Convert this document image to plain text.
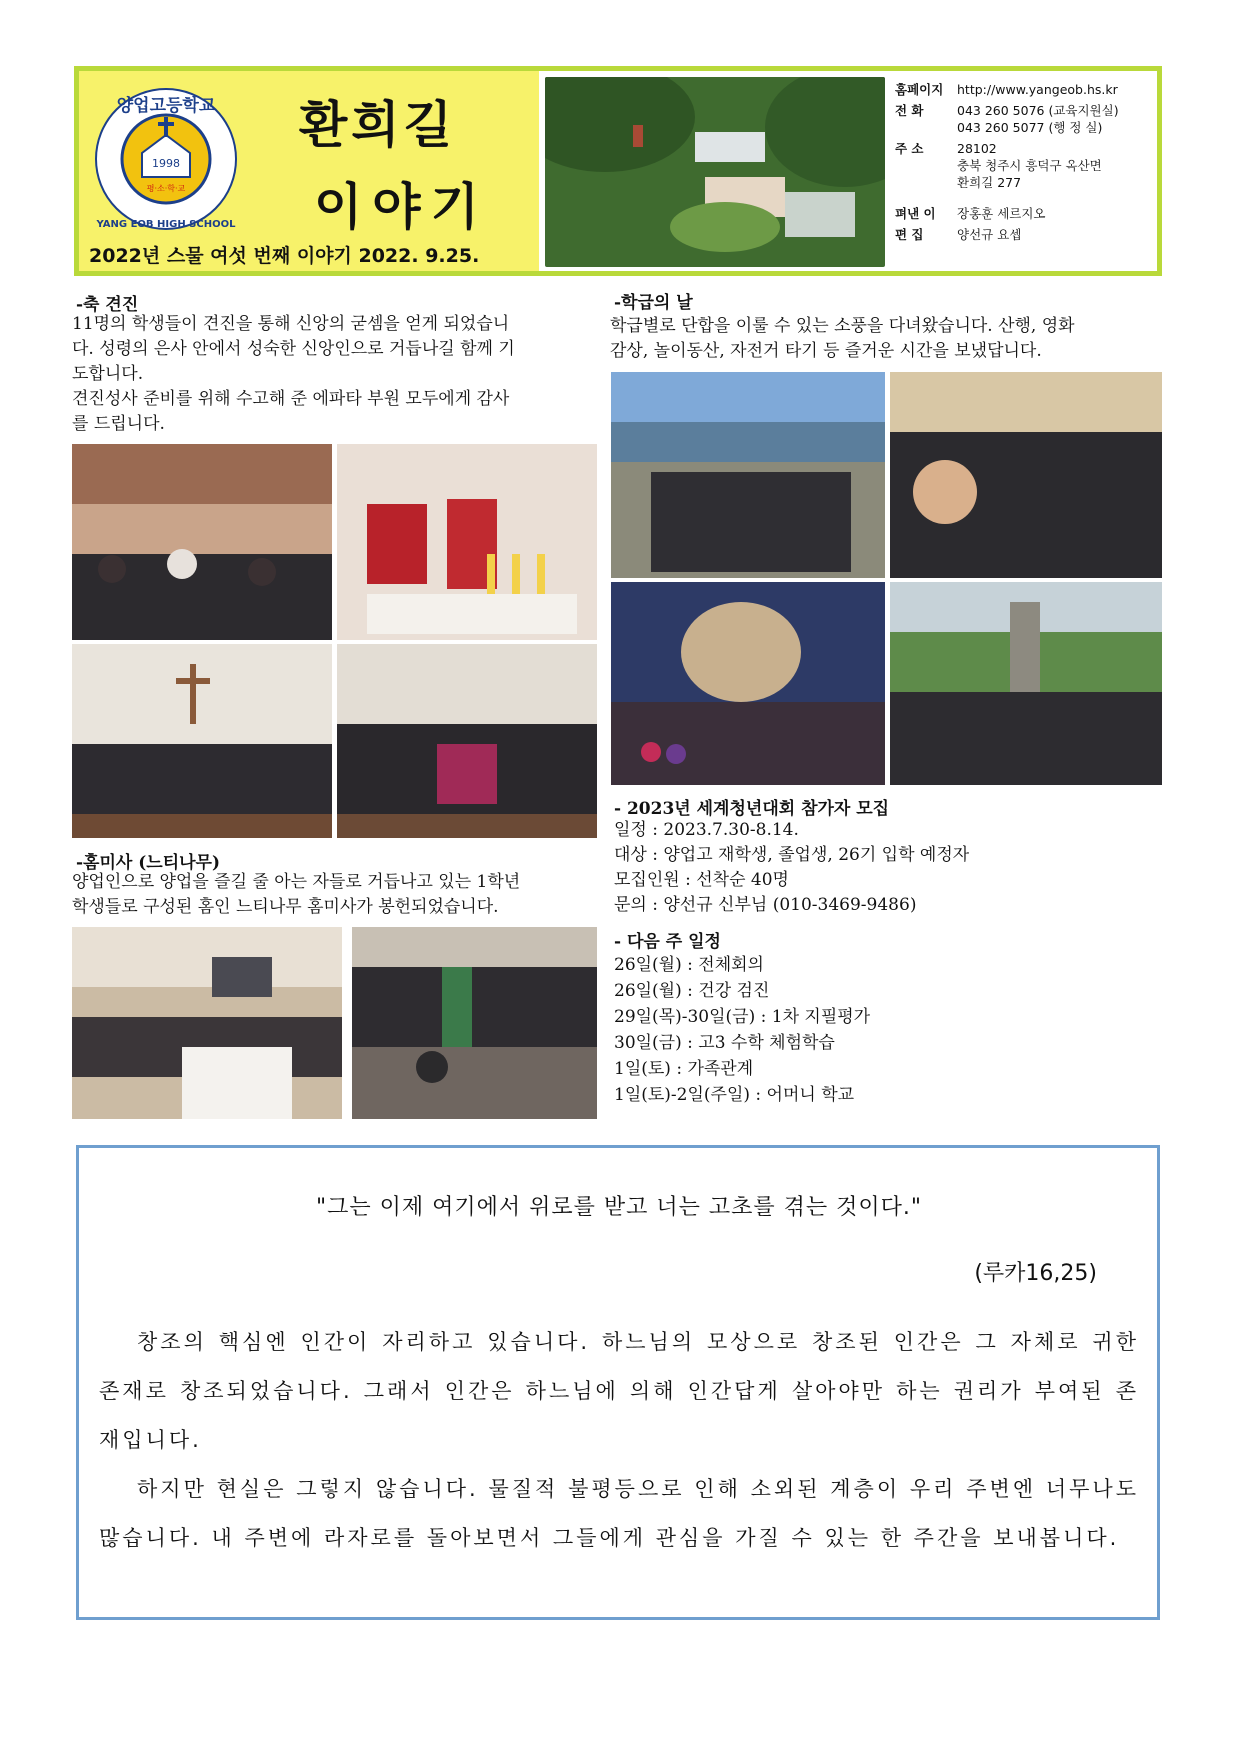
1998
평·소·학·교
양업고등학교
YANG EOB HIGH SCHOOL
환희길
이야기
2022년 스물 여섯 번째 이야기 2022. 9.25.
홈페이지	http://www.yangeob.hs.kr
전 화	043 260 5076 (교육지원실)
043 260 5077 (행 정 실)
주 소	28102
충북 청주시 흥덕구 옥산면
환희길 277
펴낸 이	장홍훈 세르지오
편 집	양선규 요셉
-축 견진
11명의 학생들이 견진을 통해 신앙의 굳셈을 얻게 되었습니
다. 성령의 은사 안에서 성숙한 신앙인으로 거듭나길 함께 기
도합니다.
견진성사 준비를 위해 수고해 준 에파타 부원 모두에게 감사
를 드립니다.
-홈미사 (느티나무)
양업인으로 양업을 즐길 줄 아는 자들로 거듭나고 있는 1학년
학생들로 구성된 홈인 느티나무 홈미사가 봉헌되었습니다.
-학급의 날
학급별로 단합을 이룰 수 있는 소풍을 다녀왔습니다. 산행, 영화
감상, 놀이동산, 자전거 타기 등 즐거운 시간을 보냈답니다.
- 2023년 세계청년대회 참가자 모집
일정 : 2023.7.30-8.14.
대상 : 양업고 재학생, 졸업생, 26기 입학 예정자
모집인원 : 선착순 40명
문의 : 양선규 신부님 (010-3469-9486)
- 다음 주 일정
26일(월) : 전체회의
26일(월) : 건강 검진
29일(목)-30일(금) : 1차 지필평가
30일(금) : 고3 수학 체험학습
1일(토) : 가족관계
1일(토)-2일(주일) : 어머니 학교
"그는 이제 여기에서 위로를 받고 너는 고초를 겪는 것이다."
(루카16,25)

창조의 핵심엔 인간이 자리하고 있습니다. 하느님의 모상으로 창조된 인간은 그 자체로 귀한 존재로 창조되었습니다. 그래서 인간은 하느님에 의해 인간답게 살아야만 하는 권리가 부여된 존재입니다.

하지만 현실은 그렇지 않습니다. 물질적 불평등으로 인해 소외된 계층이 우리 주변엔 너무나도 많습니다. 내 주변에 라자로를 돌아보면서 그들에게 관심을 가질 수 있는 한 주간을 보내봅니다.
